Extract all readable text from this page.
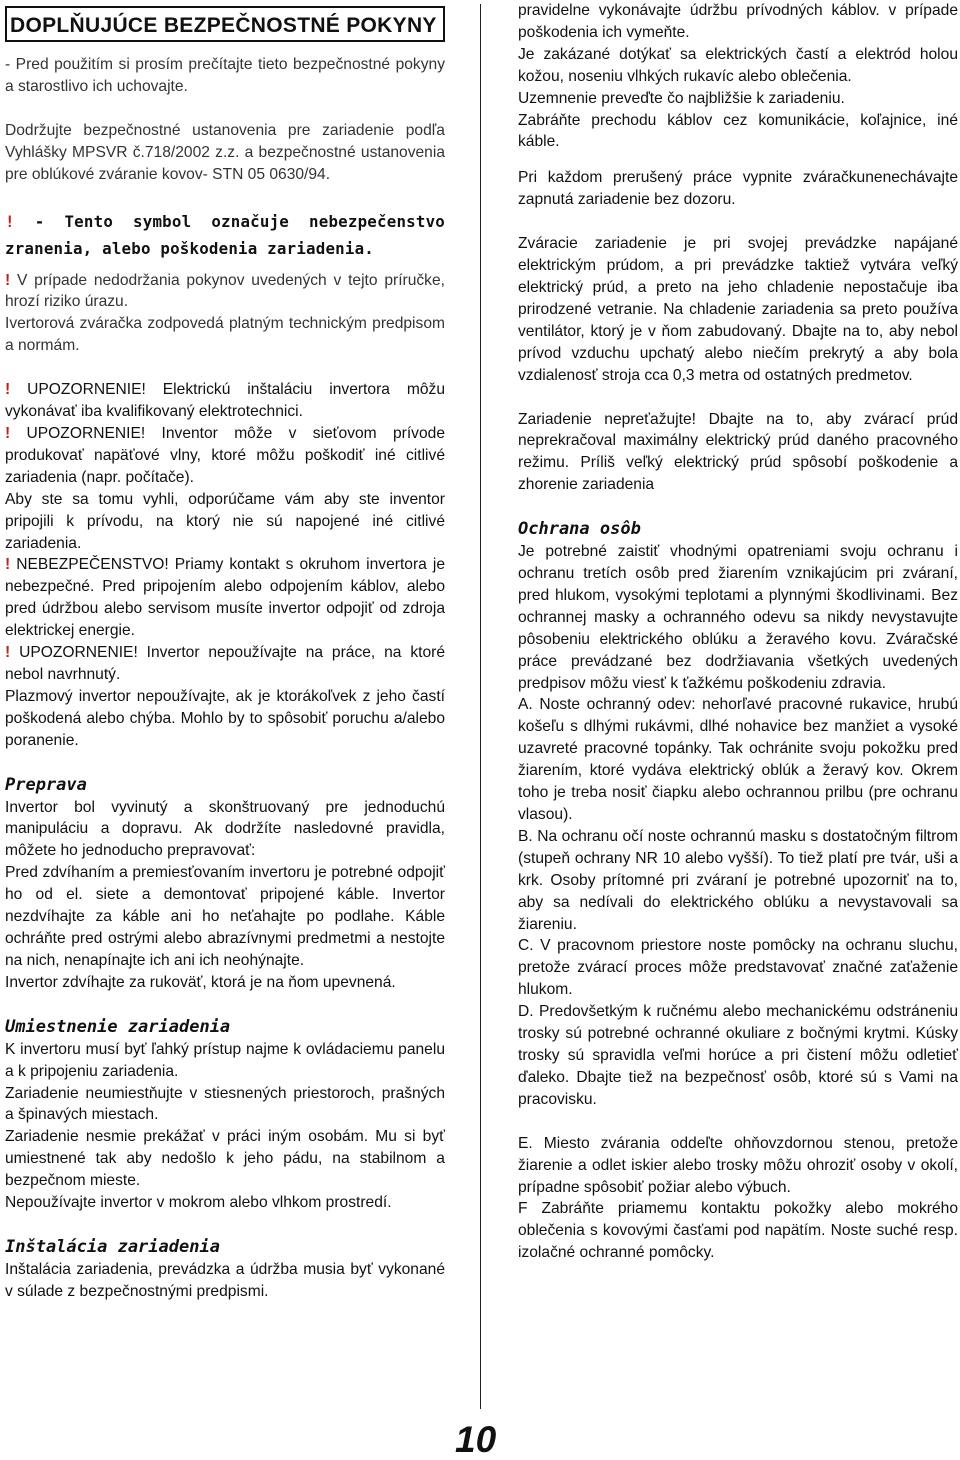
DOPLŇUJÚCE BEZPEČNOSTNÉ POKYNY

- Pred použitím si prosím prečítajte tieto bezpečnostné pokyny a starostlivo ich uchovajte.

Dodržujte bezpečnostné ustanovenia pre zariadenie podľa Vyhlášky MPSVR č.718/2002 z.z. a bezpečnostné ustanovenia pre oblúkové zváranie kovov- STN 05 0630/94.

! - Tento symbol označuje nebezpečenstvo zranenia, alebo poškodenia zariadenia.

! V prípade nedodržania pokynov uvedených v tejto príručke, hrozí riziko úrazu.

Ivertorová zváračka zodpovedá platným technickým predpisom a normám.

! UPOZORNENIE! Elektrickú inštaláciu invertora môžu vykonávať iba kvalifikovaný elektrotechnici.

! UPOZORNENIE! Inventor môže v sieťovom prívode produkovať napäťové vlny, ktoré môžu poškodiť iné citlivé zariadenia (napr. počítače).

Aby ste sa tomu vyhli, odporúčame vám aby ste inventor pripojili k prívodu, na ktorý nie sú napojené iné citlivé zariadenia.

! NEBEZPEČENSTVO! Priamy kontakt s okruhom invertora je nebezpečné. Pred pripojením alebo odpojením káblov, alebo pred údržbou alebo servisom musíte invertor odpojiť od zdroja elektrickej energie.

! UPOZORNENIE! Invertor nepoužívajte na práce, na ktoré nebol navrhnutý.

Plazmový invertor nepoužívajte, ak je ktorákoľvek z jeho častí poškodená alebo chýba. Mohlo by to spôsobiť poruchu a/alebo poranenie.

Preprava

Invertor bol vyvinutý a skonštruovaný pre jednoduchú manipuláciu a dopravu. Ak dodržíte nasledovné pravidla, môžete ho jednoducho prepravovať:

Pred zdvíhaním a premiesťovaním invertoru je potrebné odpojiť ho od el. siete a demontovať pripojené káble. Invertor nezdvíhajte za káble ani ho neťahajte po podlahe. Káble ochráňte pred ostrými alebo abrazívnymi predmetmi a nestojte na nich, nenapínajte ich ani ich neohýnajte.

Invertor zdvíhajte za rukoväť, ktorá je na ňom upevnená.

Umiestnenie zariadenia

K invertoru musí byť ľahký prístup najme k ovládaciemu panelu a k pripojeniu zariadenia.

Zariadenie neumiestňujte v stiesnených priestoroch, prašných a špinavých miestach.

Zariadenie nesmie prekážať v práci iným osobám. Mu si byť umiestnené tak aby nedošlo k jeho pádu, na stabilnom a bezpečnom mieste.

Nepoužívajte invertor v mokrom alebo vlhkom prostredí.

Inštalácia zariadenia

Inštalácia zariadenia, prevádzka a údržba musia byť vykonané v súlade z bezpečnostnými predpismi.

pravidelne vykonávajte údržbu prívodných káblov. v prípade poškodenia ich vymeňte.

Je zakázané dotýkať sa elektrických častí a elektród holou kožou, noseniu vlhkých rukavíc alebo oblečenia.

Uzemnenie preveďte čo najbližšie k zariadeniu.

Zabráňte prechodu káblov cez komunikácie, koľajnice, iné káble.

Pri každom prerušený práce vypnite zváračkunenechávajte zapnutá zariadenie bez dozoru.

Zváracie zariadenie je pri svojej prevádzke napájané elektrickým prúdom, a pri prevádzke taktiež vytvára veľký elektrický prúd, a preto na jeho chladenie nepostačuje iba prirodzené vetranie. Na chladenie zariadenia sa preto používa ventilátor, ktorý je v ňom zabudovaný. Dbajte na to, aby nebol prívod vzduchu upchatý alebo niečím prekrytý a aby bola vzdialenosť stroja cca 0,3 metra od ostatných predmetov.

Zariadenie nepreťažujte! Dbajte na to, aby zvárací prúd neprekračoval maximálny elektrický prúd daného pracovného režimu. Príliš veľký elektrický prúd spôsobí poškodenie a zhorenie zariadenia

Ochrana osôb

Je potrebné zaistiť vhodnými opatreniami svoju ochranu i ochranu tretích osôb pred žiarením vznikajúcim pri zváraní, pred hlukom, vysokými teplotami a plynnými škodlivinami. Bez ochrannej masky a ochranného odevu sa nikdy nevystavujte pôsobeniu elektrického oblúku a žeravého kovu. Zváračské práce prevádzané bez dodržiavania všetkých uvedených predpisov môžu viesť k ťažkému poškodeniu zdravia.

A. Noste ochranný odev: nehorľavé pracovné rukavice, hrubú košeľu s dlhými rukávmi, dlhé nohavice bez manžiet a vysoké uzavreté pracovné topánky. Tak ochránite svoju pokožku pred žiarením, ktoré vydáva elektrický oblúk a žeravý kov. Okrem toho je treba nosiť čiapku alebo ochrannou prilbu (pre ochranu vlasou).

B. Na ochranu očí noste ochrannú masku s dostatočným filtrom (stupeň ochrany NR 10 alebo vyšší). To tiež platí pre tvár, uši a krk. Osoby prítomné pri zváraní je potrebné upozorniť na to, aby sa nedívali do elektrického oblúku a nevystavovali sa žiareniu.

C. V pracovnom priestore noste pomôcky na ochranu sluchu, pretože zvárací proces môže predstavovať značné zaťaženie hlukom.

D. Predovšetkým k ručnému alebo mechanickému odstráneniu trosky sú potrebné ochranné okuliare z bočnými krytmi. Kúsky trosky sú spravidla veľmi horúce a pri čistení môžu odletieť ďaleko. Dbajte tiež na bezpečnosť osôb, ktoré sú s Vami na pracovisku.

E. Miesto zvárania oddeľte ohňovzdornou stenou, pretože žiarenie a odlet iskier alebo trosky môžu ohroziť osoby v okolí, prípadne spôsobiť požiar alebo výbuch.

F Zabráňte priamemu kontaktu pokožky alebo mokrého oblečenia s kovovými časťami pod napätím. Noste suché resp. izolačné ochranné pomôcky.

10
